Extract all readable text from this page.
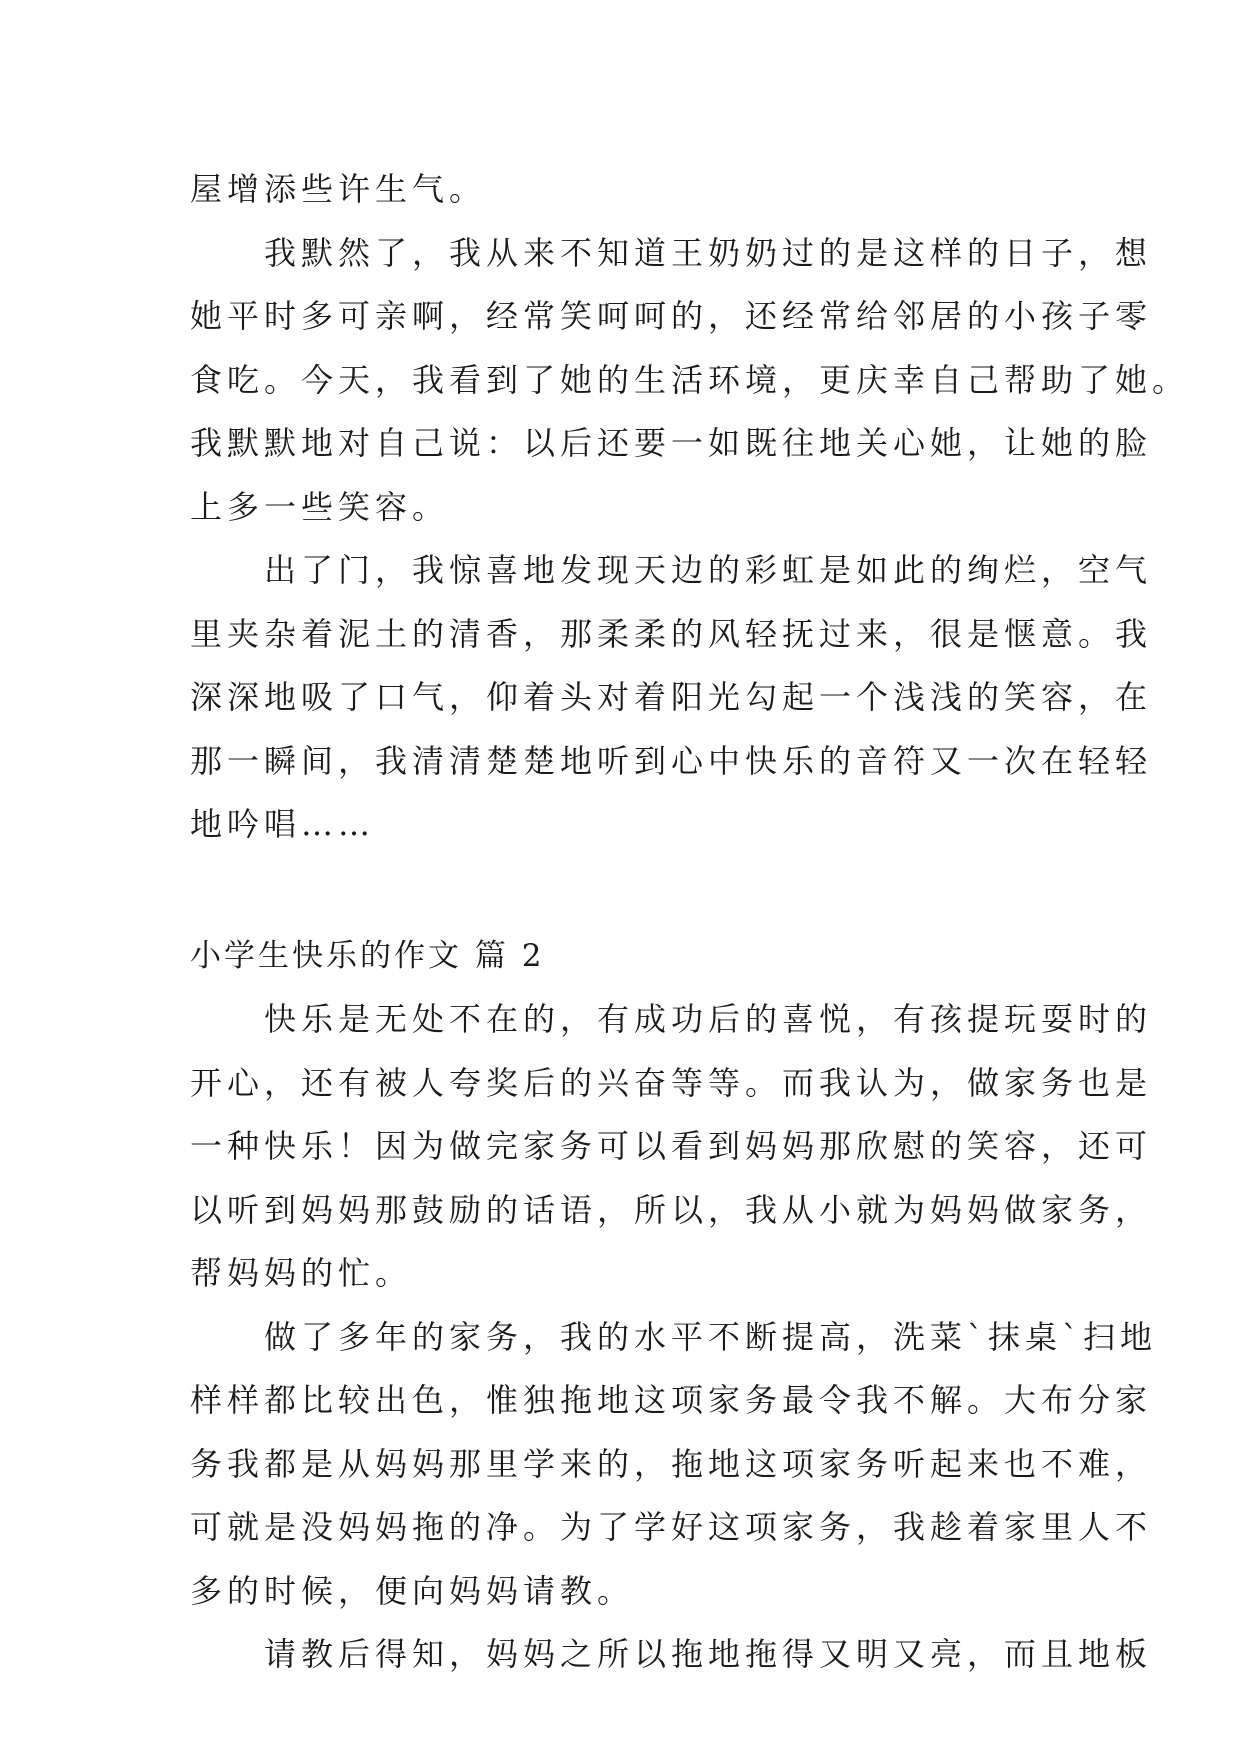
屋增添些许生气。
我默然了，我从来不知道王奶奶过的是这样的日子，想
她平时多可亲啊，经常笑呵呵的，还经常给邻居的小孩子零
食吃。今天，我看到了她的生活环境，更庆幸自己帮助了她。
我默默地对自己说：以后还要一如既往地关心她，让她的脸
上多一些笑容。
出了门，我惊喜地发现天边的彩虹是如此的绚烂，空气
里夹杂着泥土的清香，那柔柔的风轻抚过来，很是惬意。我
深深地吸了口气，仰着头对着阳光勾起一个浅浅的笑容，在
那一瞬间，我清清楚楚地听到心中快乐的音符又一次在轻轻
地吟唱……
小学生快乐的作文 篇 2
快乐是无处不在的，有成功后的喜悦，有孩提玩耍时的
开心，还有被人夸奖后的兴奋等等。而我认为，做家务也是
一种快乐！因为做完家务可以看到妈妈那欣慰的笑容，还可
以听到妈妈那鼓励的话语，所以，我从小就为妈妈做家务，
帮妈妈的忙。
做了多年的家务，我的水平不断提高，洗菜`抹桌`扫地
样样都比较出色，惟独拖地这项家务最令我不解。大布分家
务我都是从妈妈那里学来的，拖地这项家务听起来也不难，
可就是没妈妈拖的净。为了学好这项家务，我趁着家里人不
多的时候，便向妈妈请教。
请教后得知，妈妈之所以拖地拖得又明又亮，而且地板
